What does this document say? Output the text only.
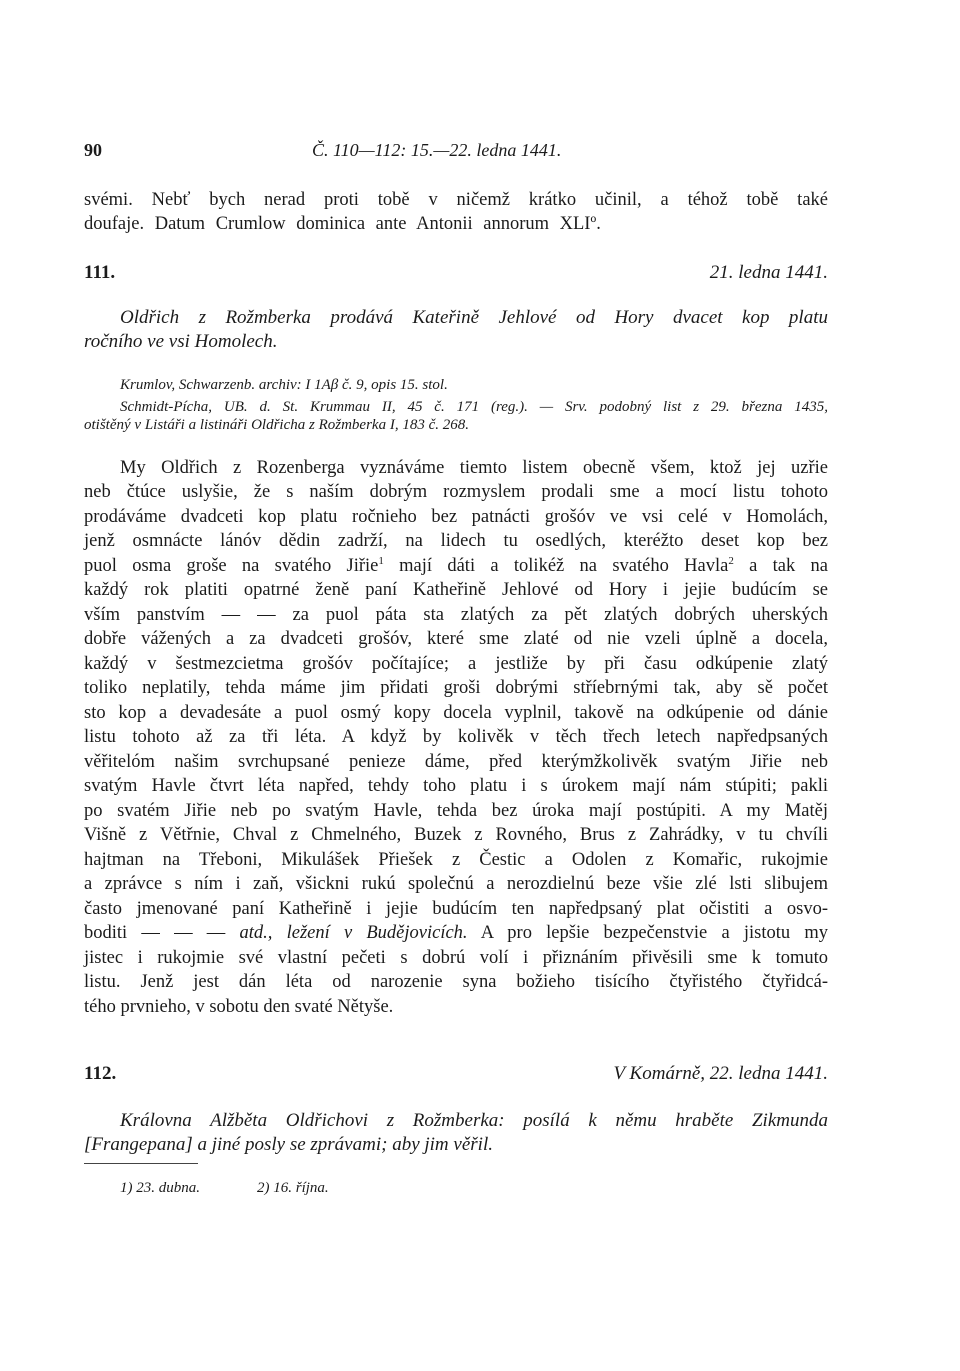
90	Č. 110—112: 15.—22. ledna 1441.
svémi. Nebť bych nerad proti tobě v ničemž krátko učinil, a téhož tobě také
doufaje. Datum Crumlow dominica ante Antonii annorum XLIº.
111.	21. ledna 1441.
Oldřich z Rožmberka prodává Kateřině Jehlové od Hory dvacet kop platu
ročního ve vsi Homolech.
Krumlov, Schwarzenb. archiv: I 1Aβ č. 9, opis 15. stol.
Schmidt-Pícha, UB. d. St. Krummau II, 45 č. 171 (reg.). — Srv. podobný list z 29. března 1435,
otištěný v Listáři a listináři Oldřicha z Rožmberka I, 183 č. 268.
My Oldřich z Rozenberga vyznáváme tiemto listem obecně všem, ktož jej uzřie
neb čtúce uslyšie, že s naším dobrým rozmyslem prodali sme a mocí listu tohoto
prodáváme dvadceti kop platu ročnieho bez patnácti grošóv ve vsi celé v Homolách,
jenž osmnácte lánóv dědin zadrží, na lidech tu osedlých, kteréžto deset kop bez
puol osma groše na svatého Jiřie$^1$ mají dáti a tolikéž na svatého Havla$^2$ a tak na
každý rok platiti opatrné ženě paní Katheřině Jehlové od Hory i jejie budúcím se
vším panstvím — — za puol páta sta zlatých za pět zlatých dobrých uherských
dobře vážených a za dvadceti grošóv, které sme zlaté od nie vzeli úplně a docela,
každý v šestmezcietma grošóv počítajíce; a jestliže by při času odkúpenie zlatý
toliko neplatily, tehda máme jim přidati groši dobrými stříebrnými tak, aby sě počet
sto kop a devadesáte a puol osmý kopy docela vyplnil, takově na odkúpenie od dánie
listu tohoto až za tři léta. A když by kolivěk v těch třech letech napředpsaných
věřitelóm našim svrchupsané penieze dáme, před kterýmžkolivěk svatým Jiřie neb
svatým Havle čtvrt léta napřed, tehdy toho platu i s úrokem mají nám stúpiti; pakli
po svatém Jiřie neb po svatým Havle, tehda bez úroka mají postúpiti. A my Matěj
Višně z Větřnie, Chval z Chmelného, Buzek z Rovného, Brus z Zahrádky, v tu chvíli
hajtman na Třeboni, Mikulášek Přiešek z Čestic a Odolen z Komařic, rukojmie
a zprávce s ním i zaň, všickni rukú společnú a nerozdielnú beze všie zlé lsti slibujem
často jmenované paní Katheřině i jejie budúcím ten napředpsaný plat očistiti a osvo-
boditi — — — atd., ležení v Budějovicích. A pro lepšie bezpečenstvie a jistotu my
jistec i rukojmie své vlastní pečeti s dobrú volí i přiznáním přivěsili sme k tomuto
listu. Jenž jest dán léta od narozenie syna božieho tisícího čtyřistého čtyřidcá-
tého prvnieho, v sobotu den svaté Nětyše.
112.	V Komárně, 22. ledna 1441.
Královna Alžběta Oldřichovi z Rožmberka: posílá k němu hraběte Zikmunda
[Frangepana] a jiné posly se zprávami; aby jim věřil.
1) 23. dubna.	2) 16. října.
